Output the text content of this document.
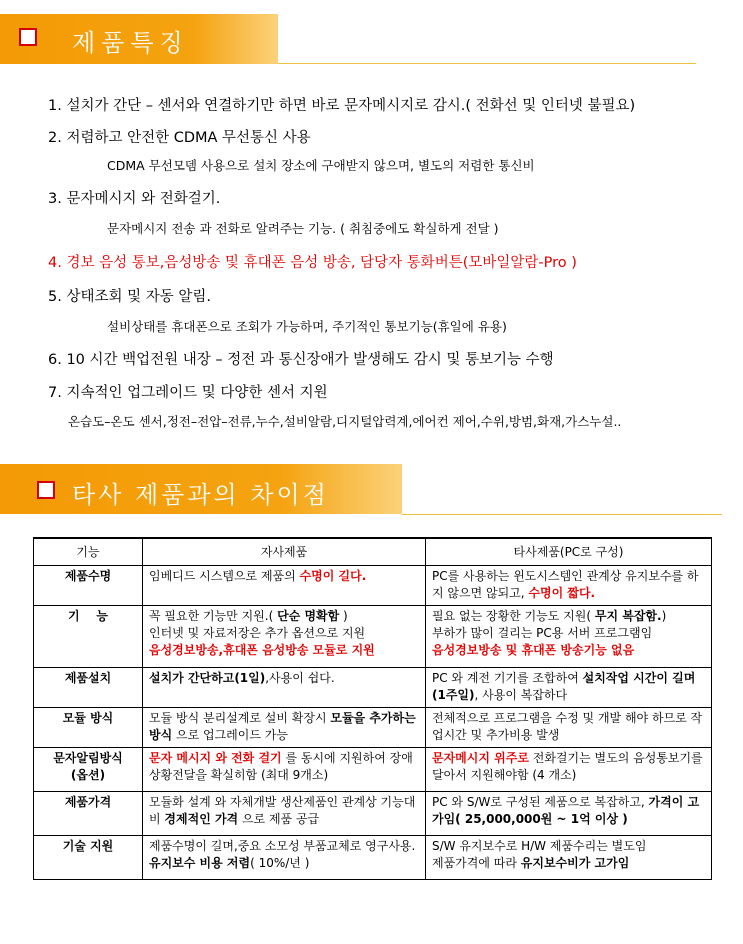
제품특징
1. 설치가 간단 – 센서와 연결하기만 하면 바로 문자메시지로 감시.( 전화선 및 인터넷 불필요)
2. 저렴하고 안전한 CDMA 무선통신 사용
CDMA 무선모뎀 사용으로 설치 장소에 구애받지 않으며, 별도의 저렴한 통신비
3. 문자메시지 와 전화걸기.
문자메시지 전송 과 전화로 알려주는 기능. ( 취침중에도 확실하게 전달 )
4. 경보 음성 통보,음성방송 및 휴대폰 음성 방송, 담당자 통화버튼(모바일알람-Pro )
5. 상태조회 및 자동 알림.
설비상태를 휴대폰으로 조회가 가능하며, 주기적인 통보기능(휴일에 유용)
6. 10 시간 백업전원 내장 – 정전 과 통신장애가 발생해도 감시 및 통보기능 수행
7. 지속적인 업그레이드 및 다양한 센서 지원
온습도–온도 센서,정전–전압–전류,누수,설비알람,디지털압력계,에어컨 제어,수위,방범,화재,가스누설..
타사 제품과의 차이점
기능	자사제품	타사제품(PC로 구성)
제품수명	임베디드 시스템으로 제품의 수명이 길다.	PC를 사용하는 윈도시스템인 관계상 유지보수를 하지 않으면 않되고, 수명이 짧다.
기    능	꼭 필요한 기능만 지원.( 단순 명확함 )
인터넷 및 자료저장은 추가 옵션으로 지원
음성경보방송,휴대폰 음성방송 모듈로 지원	필요 없는 장황한 기능도 지원( 무지 복잡함.)
부하가 많이 걸리는 PC용 서버 프로그램임
음성경보방송 및 휴대폰 방송기능 없음
제품설치	설치가 간단하고(1일),사용이 쉽다.	PC 와 계전 기기를 조합하여 설치작업 시간이 길며 (1주일), 사용이 복잡하다
모듈 방식	모듈 방식 분리설계로 설비 확장시 모듈을 추가하는 방식 으로 업그레이드 가능	전체적으로 프로그램을 수정 및 개발 해야 하므로 작업시간 및 추가비용 발생
문자알림방식
(옵션)	문자 메시지 와 전화 걸기 를 동시에 지원하여 장애 상황전달을 확실히함 (최대 9개소)	문자메시지 위주로 전화걸기는 별도의 음성통보기를 달아서 지원해야함 (4 개소)
제품가격	모듈화 설계 와 자체개발 생산제품인 관계상 기능대비 경제적인 가격 으로 제품 공급	PC 와 S/W로 구성된 제품으로 복잡하고, 가격이 고가임( 25,000,000원 ~ 1억 이상 )
기술 지원	제품수명이 길며,중요 소모성 부품교체로 영구사용. 유지보수 비용 저렴( 10%/년 )	S/W 유지보수로 H/W 제품수리는 별도임
제품가격에 따라 유지보수비가 고가임
